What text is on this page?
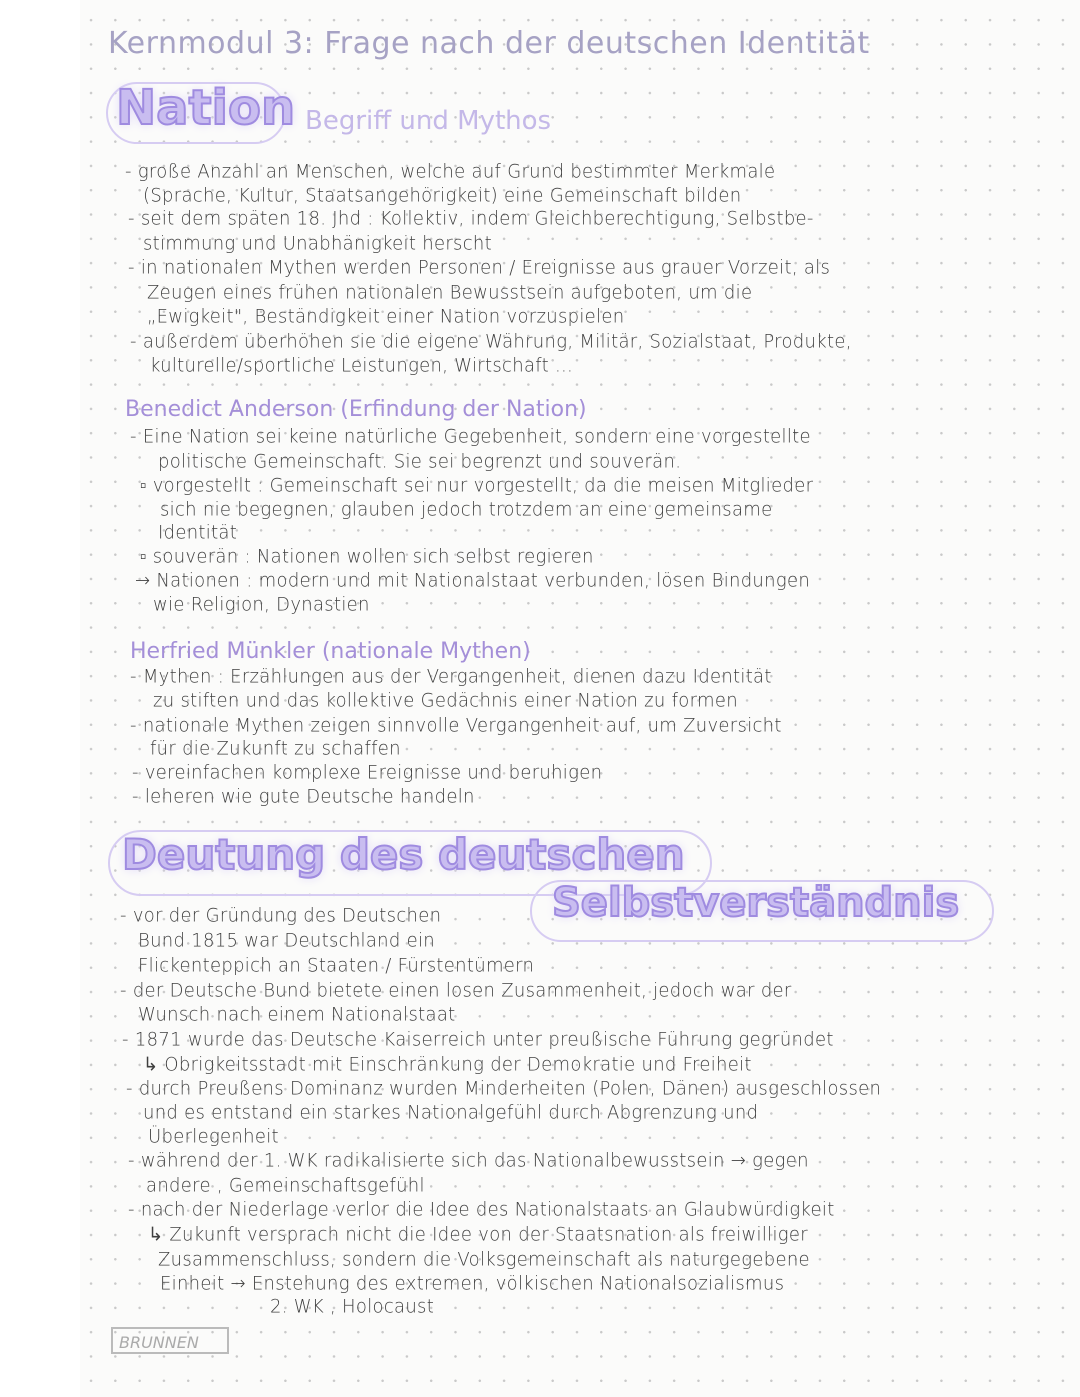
Kernmodul 3: Frage nach der deutschen Identität
Nation Begriff und Mythos
- große Anzahl an Menschen, welche auf Grund bestimmter Merkmale
(Sprache, Kultur, Staatsangehörigkeit) eine Gemeinschaft bilden
- seit dem späten 18. Jhd : Kollektiv, indem Gleichberechtigung, Selbstbe-
stimmung und Unabhänigkeit herscht
- in nationalen Mythen werden Personen / Ereignisse aus grauer Vorzeit, als
Zeugen eines frühen nationalen Bewusstsein aufgeboten, um die
„Ewigkeit", Beständigkeit einer Nation vorzuspielen
- außerdem überhöhen sie die eigene Währung, Militär, Sozialstaat, Produkte,
kulturelle/sportliche Leistungen, Wirtschaft ...
Benedict Anderson (Erfindung der Nation)
- Eine Nation sei keine natürliche Gegebenheit, sondern eine vorgestellte
politische Gemeinschaft. Sie sei begrenzt und souverän.
▫ vorgestellt : Gemeinschaft sei nur vorgestellt, da die meisen Mitglieder
sich nie begegnen, glauben jedoch trotzdem an eine gemeinsame
Identität
▫ souverän : Nationen wollen sich selbst regieren
→ Nationen : modern und mit Nationalstaat verbunden, lösen Bindungen
wie Religion, Dynastien
Herfried Münkler (nationale Mythen)
- Mythen : Erzählungen aus der Vergangenheit, dienen dazu Identität
zu stiften und das kollektive Gedächnis einer Nation zu formen
- nationale Mythen zeigen sinnvolle Vergangenheit auf, um Zuversicht
für die Zukunft zu schaffen
- vereinfachen komplexe Ereignisse und beruhigen
- leheren wie gute Deutsche handeln
Deutung des deutschen
Selbstverständnis
- vor der Gründung des Deutschen
Bund 1815 war Deutschland ein
Flickenteppich an Staaten / Fürstentümern
- der Deutsche Bund bietete einen losen Zusammenheit, jedoch war der
Wunsch nach einem Nationalstaat
- 1871 wurde das Deutsche Kaiserreich unter preußische Führung gegründet
↳ Obrigkeitsstadt mit Einschränkung der Demokratie und Freiheit
- durch Preußens Dominanz wurden Minderheiten (Polen, Dänen) ausgeschlossen
und es entstand ein starkes Nationalgefühl durch Abgrenzung und
Überlegenheit
- während der 1. WK radikalisierte sich das Nationalbewusstsein → gegen
andere , Gemeinschaftsgefühl
- nach der Niederlage verlor die Idee des Nationalstaats an Glaubwürdigkeit
↳ Zukunft versprach nicht die Idee von der Staatsnation als freiwilliger
Zusammenschluss, sondern die Volksgemeinschaft als naturgegebene
Einheit → Enstehung des extremen, völkischen Nationalsozialismus
2. WK , Holocaust
BRUNNEN
